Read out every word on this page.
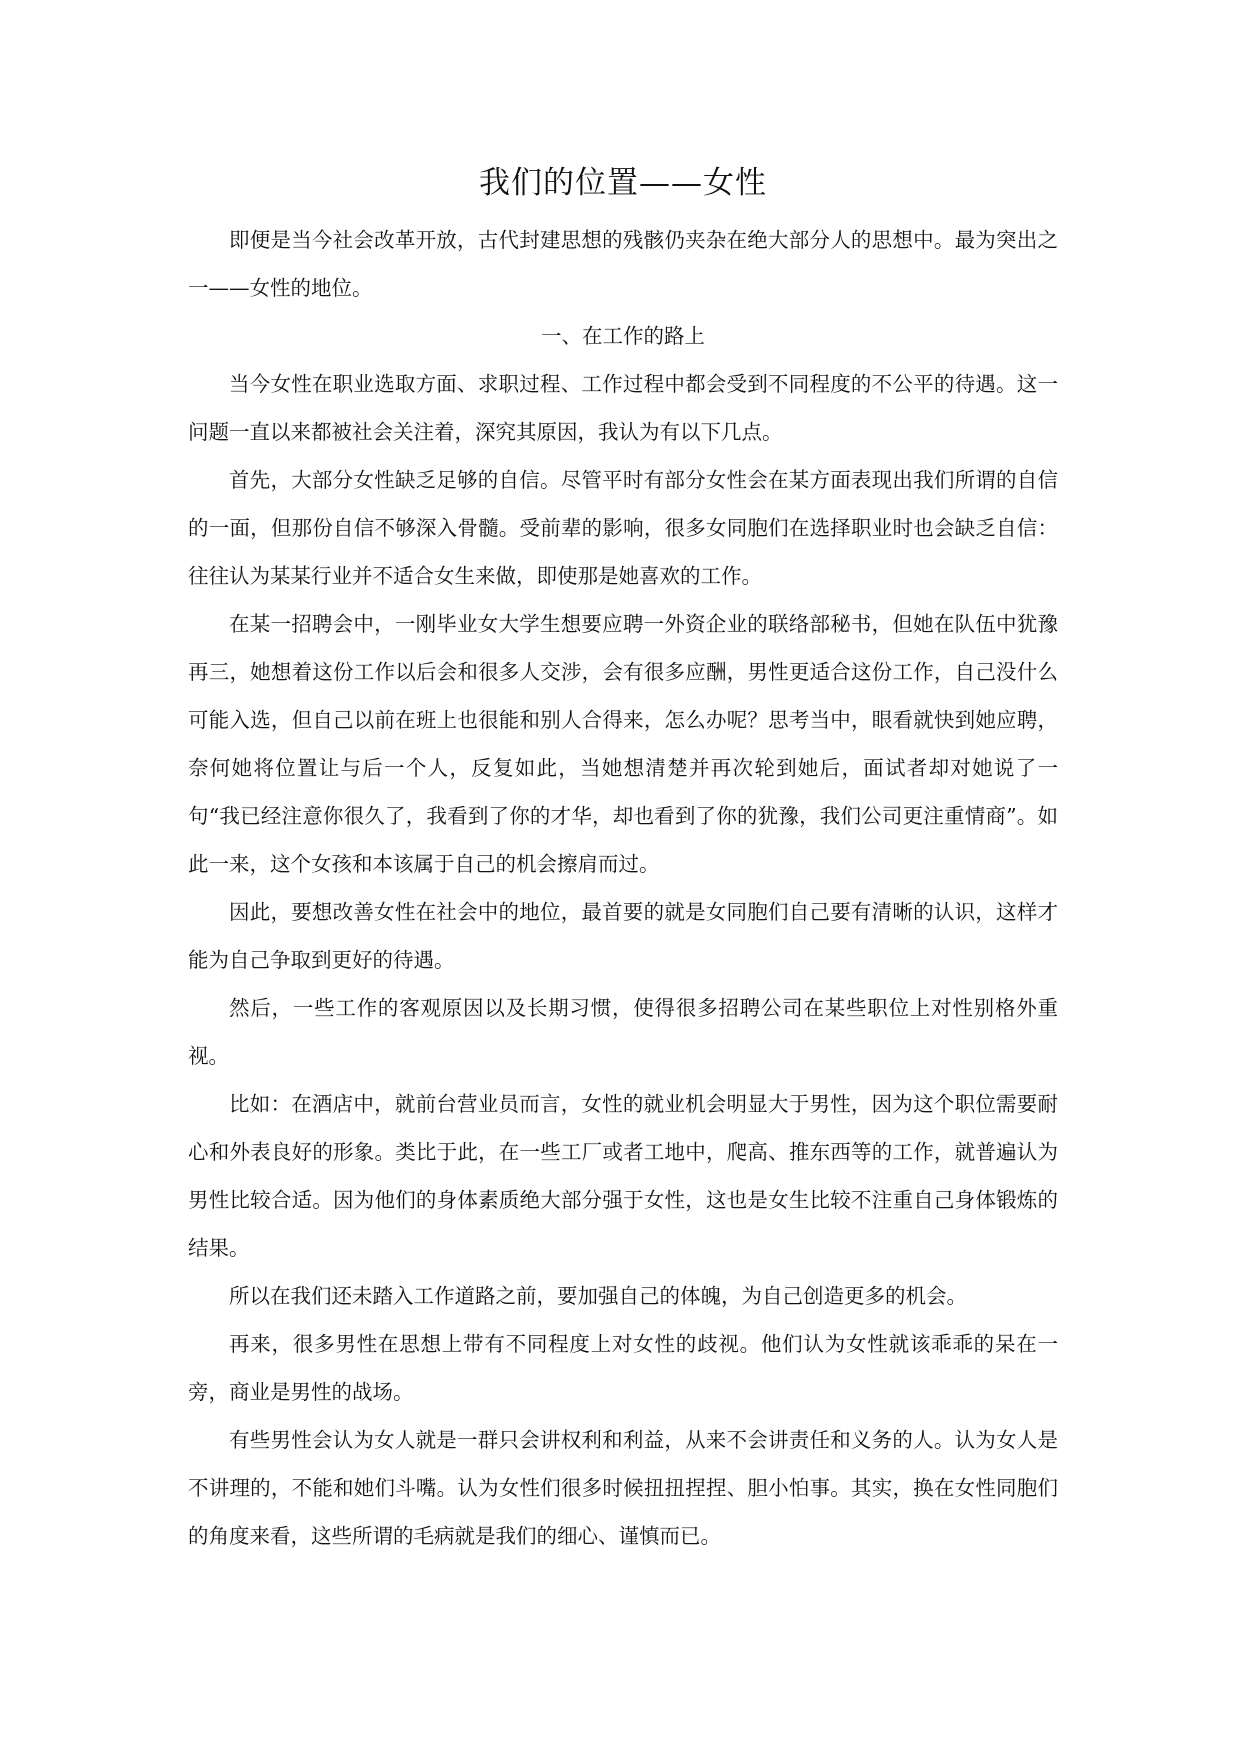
我们的位置——女性

即便是当今社会改革开放，古代封建思想的残骸仍夹杂在绝大部分人的思想中。最为突出之一——女性的地位。

一、在工作的路上

当今女性在职业选取方面、求职过程、工作过程中都会受到不同程度的不公平的待遇。这一问题一直以来都被社会关注着，深究其原因，我认为有以下几点。

首先，大部分女性缺乏足够的自信。尽管平时有部分女性会在某方面表现出我们所谓的自信的一面，但那份自信不够深入骨髓。受前辈的影响，很多女同胞们在选择职业时也会缺乏自信：往往认为某某行业并不适合女生来做，即使那是她喜欢的工作。

在某一招聘会中，一刚毕业女大学生想要应聘一外资企业的联络部秘书，但她在队伍中犹豫再三，她想着这份工作以后会和很多人交涉，会有很多应酬，男性更适合这份工作，自己没什么可能入选，但自己以前在班上也很能和别人合得来，怎么办呢？思考当中，眼看就快到她应聘，奈何她将位置让与后一个人，反复如此，当她想清楚并再次轮到她后，面试者却对她说了一句“我已经注意你很久了，我看到了你的才华，却也看到了你的犹豫，我们公司更注重情商”。如此一来，这个女孩和本该属于自己的机会擦肩而过。

因此，要想改善女性在社会中的地位，最首要的就是女同胞们自己要有清晰的认识，这样才能为自己争取到更好的待遇。

然后，一些工作的客观原因以及长期习惯，使得很多招聘公司在某些职位上对性别格外重视。

比如：在酒店中，就前台营业员而言，女性的就业机会明显大于男性，因为这个职位需要耐心和外表良好的形象。类比于此，在一些工厂或者工地中，爬高、推东西等的工作，就普遍认为男性比较合适。因为他们的身体素质绝大部分强于女性，这也是女生比较不注重自己身体锻炼的结果。

所以在我们还未踏入工作道路之前，要加强自己的体魄，为自己创造更多的机会。

再来，很多男性在思想上带有不同程度上对女性的歧视。他们认为女性就该乖乖的呆在一旁，商业是男性的战场。

有些男性会认为女人就是一群只会讲权利和利益，从来不会讲责任和义务的人。认为女人是不讲理的，不能和她们斗嘴。认为女性们很多时候扭扭捏捏、胆小怕事。其实，换在女性同胞们的角度来看，这些所谓的毛病就是我们的细心、谨慎而已。
